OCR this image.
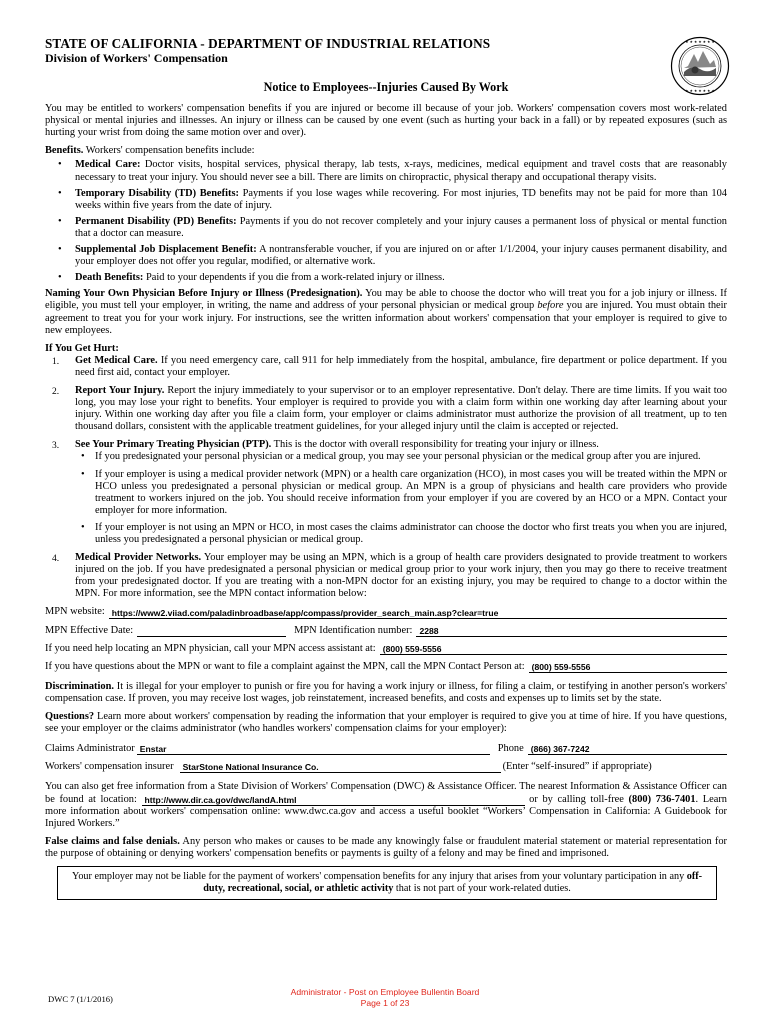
★ ★ ★ ★ ★ ★ ★
★ ★ ★ ★ ★ ★ ★
STATE OF CALIFORNIA - DEPARTMENT OF INDUSTRIAL RELATIONS
Division of Workers' Compensation
Notice to Employees--Injuries Caused By Work

You may be entitled to workers' compensation benefits if you are injured or become ill because of your job. Workers' compensation covers most work-related physical or mental injuries and illnesses. An injury or illness can be caused by one event (such as hurting your back in a fall) or by repeated exposures (such as hurting your wrist from doing the same motion over and over).

Benefits. Workers' compensation benefits include:
• Medical Care: Doctor visits, hospital services, physical therapy, lab tests, x-rays, medicines, medical equipment and travel costs that are reasonably necessary to treat your injury. You should never see a bill. There are limits on chiropractic, physical therapy and occupational therapy visits.
• Temporary Disability (TD) Benefits: Payments if you lose wages while recovering. For most injuries, TD benefits may not be paid for more than 104 weeks within five years from the date of injury.
• Permanent Disability (PD) Benefits: Payments if you do not recover completely and your injury causes a permanent loss of physical or mental function that a doctor can measure.
• Supplemental Job Displacement Benefit: A nontransferable voucher, if you are injured on or after 1/1/2004, your injury causes permanent disability, and your employer does not offer you regular, modified, or alternative work.
• Death Benefits: Paid to your dependents if you die from a work-related injury or illness.

Naming Your Own Physician Before Injury or Illness (Predesignation). You may be able to choose the doctor who will treat you for a job injury or illness. If eligible, you must tell your employer, in writing, the name and address of your personal physician or medical group before you are injured. You must obtain their agreement to treat you for your work injury. For instructions, see the written information about workers' compensation that your employer is required to give to new employees.

If You Get Hurt:
1. Get Medical Care. If you need emergency care, call 911 for help immediately from the hospital, ambulance, fire department or police department. If you need first aid, contact your employer.
2. Report Your Injury. Report the injury immediately to your supervisor or to an employer representative. Don't delay. There are time limits. If you wait too long, you may lose your right to benefits. Your employer is required to provide you with a claim form within one working day after learning about your injury. Within one working day after you file a claim form, your employer or claims administrator must authorize the provision of all treatment, up to ten thousand dollars, consistent with the applicable treatment guidelines, for your alleged injury until the claim is accepted or rejected.
3. See Your Primary Treating Physician (PTP). This is the doctor with overall responsibility for treating your injury or illness.
• If you predesignated your personal physician or a medical group, you may see your personal physician or the medical group after you are injured.
• If your employer is using a medical provider network (MPN) or a health care organization (HCO), in most cases you will be treated within the MPN or HCO unless you predesignated a personal physician or medical group. An MPN is a group of physicians and health care providers who provide treatment to workers injured on the job. You should receive information from your employer if you are covered by an HCO or a MPN. Contact your employer for more information.
• If your employer is not using an MPN or HCO, in most cases the claims administrator can choose the doctor who first treats you when you are injured, unless you predesignated a personal physician or medical group.
4. Medical Provider Networks. Your employer may be using an MPN, which is a group of health care providers designated to provide treatment to workers injured on the job. If you have predesignated a personal physician or medical group prior to your work injury, then you may go there to receive treatment from your predesignated doctor. If you are treating with a non-MPN doctor for an existing injury, you may be required to change to a doctor within the MPN. For more information, see the MPN contact information below:
MPN website: https://www2.viiad.com/paladinbroadbase/app/compass/provider_search_main.asp?clear=true
MPN Effective Date:	MPN Identification number: 2288
If you need help locating an MPN physician, call your MPN access assistant at: (800) 559-5556
If you have questions about the MPN or want to file a complaint against the MPN, call the MPN Contact Person at: (800) 559-5556

Discrimination. It is illegal for your employer to punish or fire you for having a work injury or illness, for filing a claim, or testifying in another person's workers' compensation case. If proven, you may receive lost wages, job reinstatement, increased benefits, and costs and expenses up to limits set by the state.

Questions? Learn more about workers' compensation by reading the information that your employer is required to give you at time of hire. If you have questions, see your employer or the claims administrator (who handles workers' compensation claims for your employer):

Claims Administrator Enstar	Phone (866) 367-7242
Workers' compensation insurer	StarStone National Insurance Co.	(Enter “self-insured” if appropriate)
You can also get free information from a State Division of Workers' Compensation (DWC) & Assistance Officer. The nearest Information & Assistance Officer can be found at location: http://www.dir.ca.gov/dwc/landA.html	or by calling toll-free (800) 736-7401. Learn more information about workers' compensation online: www.dwc.ca.gov and access a useful booklet “Workers’ Compensation in California: A Guidebook for Injured Workers.”

False claims and false denials. Any person who makes or causes to be made any knowingly false or fraudulent material statement or material representation for the purpose of obtaining or denying workers' compensation benefits or payments is guilty of a felony and may be fined and imprisoned.

Your employer may not be liable for the payment of workers' compensation benefits for any injury that arises from your voluntary participation in any off-duty, recreational, social, or athletic activity that is not part of your work-related duties.
DWC 7 (1/1/2016)
Administrator - Post on Employee Bullentin Board
Page 1 of 23
